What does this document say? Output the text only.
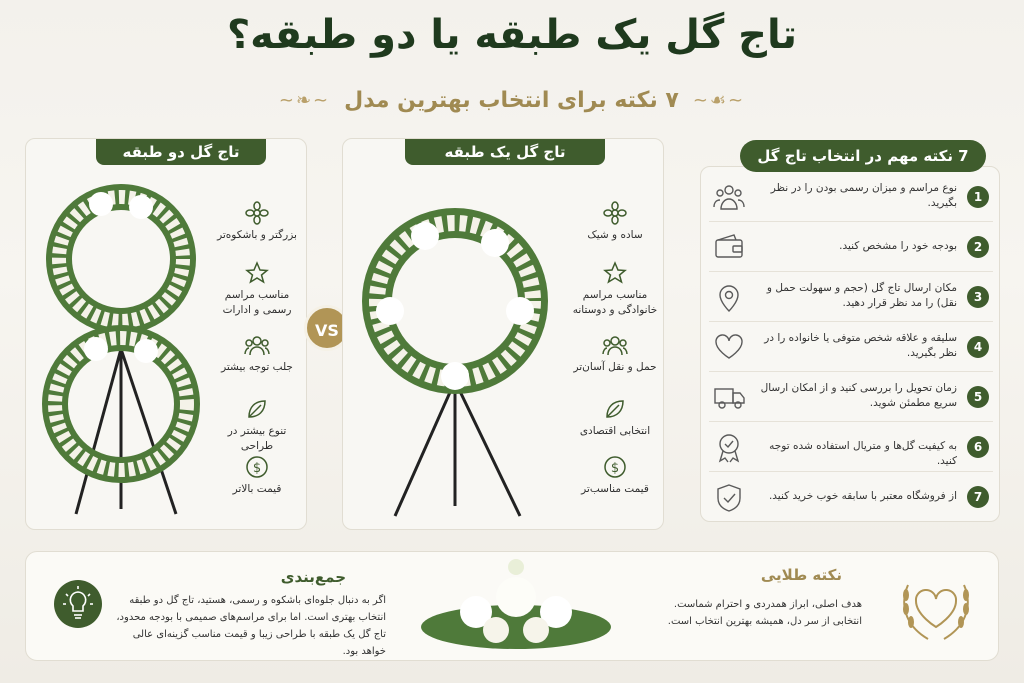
تاج گل یک طبقه یا دو طبقه؟
~❧~ ۷ نکته برای انتخاب بهترین مدل ~☙~
تاج گل دو طبقه
بزرگتر و باشکوه‌تر
مناسب مراسم رسمی و ادارات
جلب توجه بیشتر
تنوع بیشتر در طراحی
$
قیمت بالاتر
VS
تاج گل یک طبقه
ساده و شیک
مناسب مراسم خانوادگی و دوستانه
حمل و نقل آسان‌تر
انتخابی اقتصادی
$
قیمت مناسب‌تر
1
نوع مراسم و میزان رسمی بودن را در نظر بگیرید.
2
بودجه خود را مشخص کنید.
3
مکان ارسال تاج گل (حجم و سهولت حمل و نقل) را مد نظر قرار دهید.
4
سلیقه و علاقه شخص متوفی یا خانواده را در نظر بگیرید.
5
زمان تحویل را بررسی کنید و از امکان ارسال سریع مطمئن شوید.
6
به کیفیت گل‌ها و متریال استفاده شده توجه کنید.
7
از فروشگاه معتبر با سابقه خوب خرید کنید.
7 نکته مهم در انتخاب تاج گل
جمع‌بندی
اگر به دنبال جلوه‌ای باشکوه و رسمی، هستید، تاج گل دو طبقه انتخاب بهتری است. اما برای مراسم‌های صمیمی با بودجه محدود، تاج گل یک طبقه با طراحی زیبا و قیمت مناسب گزینه‌ای عالی خواهد بود.
نکته طلایی
هدف اصلی، ابراز همدردی و احترام شماست. انتخابی از سر دل، همیشه بهترین انتخاب است.
